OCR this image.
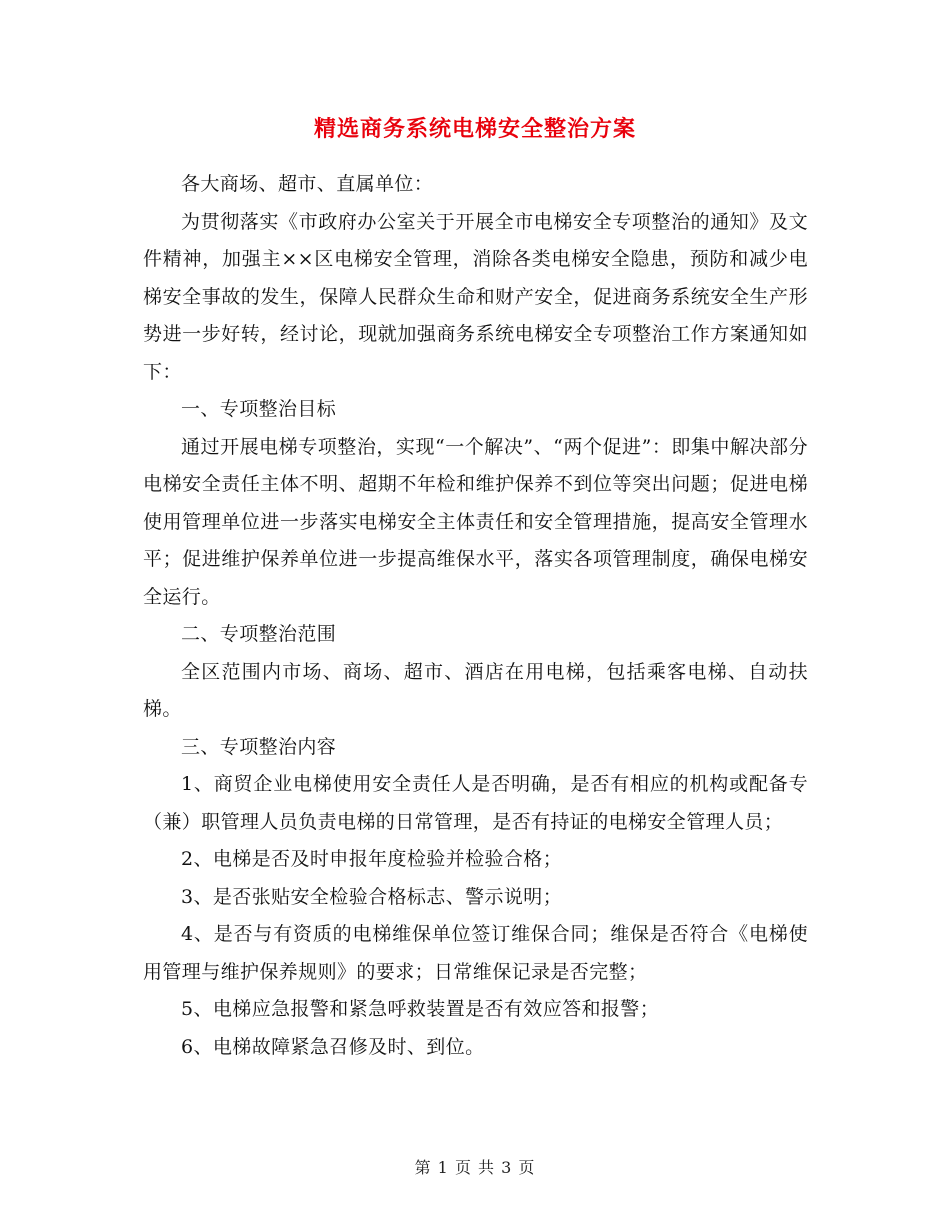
精选商务系统电梯安全整治方案

各大商场、超市、直属单位：

为贯彻落实《市政府办公室关于开展全市电梯安全专项整治的通知》及文件精神，加强主××区电梯安全管理，消除各类电梯安全隐患，预防和减少电梯安全事故的发生，保障人民群众生命和财产安全，促进商务系统安全生产形势进一步好转，经讨论，现就加强商务系统电梯安全专项整治工作方案通知如下：

一、专项整治目标

通过开展电梯专项整治，实现“一个解决”、“两个促进”：即集中解决部分电梯安全责任主体不明、超期不年检和维护保养不到位等突出问题；促进电梯使用管理单位进一步落实电梯安全主体责任和安全管理措施，提高安全管理水平；促进维护保养单位进一步提高维保水平，落实各项管理制度，确保电梯安全运行。

二、专项整治范围

全区范围内市场、商场、超市、酒店在用电梯，包括乘客电梯、自动扶梯。

三、专项整治内容

1、商贸企业电梯使用安全责任人是否明确，是否有相应的机构或配备专（兼）职管理人员负责电梯的日常管理，是否有持证的电梯安全管理人员；

2、电梯是否及时申报年度检验并检验合格；

3、是否张贴安全检验合格标志、警示说明；

4、是否与有资质的电梯维保单位签订维保合同；维保是否符合《电梯使用管理与维护保养规则》的要求；日常维保记录是否完整；

5、电梯应急报警和紧急呼救装置是否有效应答和报警；

6、电梯故障紧急召修及时、到位。

第 1 页 共 3 页
